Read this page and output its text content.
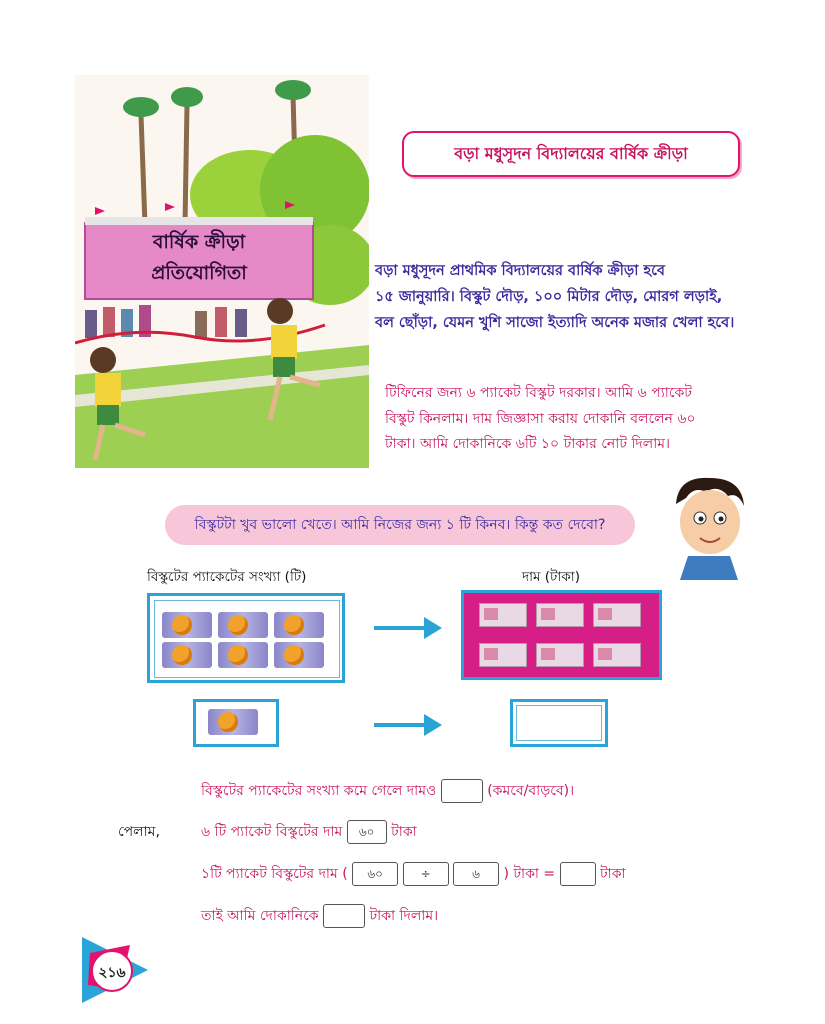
বার্ষিক ক্রীড়া
প্রতিযোগিতা
বড়া মধুসূদন বিদ্যালয়ের বার্ষিক ক্রীড়া
বড়া মধুসূদন প্রাথমিক বিদ্যালয়ের বার্ষিক ক্রীড়া হবে
১৫ জানুয়ারি। বিস্কুট দৌড়, ১০০ মিটার দৌড়, মোরগ লড়াই,
বল ছোঁড়া, যেমন খুশি সাজো ইত্যাদি অনেক মজার খেলা হবে।
টিফিনের জন্য ৬ প্যাকেট বিস্কুট দরকার। আমি ৬ প্যাকেট
বিস্কুট কিনলাম। দাম জিজ্ঞাসা করায় দোকানি বললেন ৬০
টাকা। আমি দোকানিকে ৬টি ১০ টাকার নোট দিলাম।
বিস্কুটটা খুব ভালো খেতে। আমি নিজের জন্য ১ টি কিনব। কিন্তু কত দেবো?
বিস্কুটের প্যাকেটের সংখ্যা (টি)	দাম (টাকা)
বিস্কুটের প্যাকেটের সংখ্যা কমে গেলে দামও	(কমবে/বাড়বে)।
পেলাম,	৬ টি প্যাকেট বিস্কুটের দাম ৬০ টাকা
১টি প্যাকেট বিস্কুটের দাম ( ৬০	÷	৬ ) টাকা =	টাকা
তাই আমি দোকানিকে	টাকা দিলাম।
২১৬
